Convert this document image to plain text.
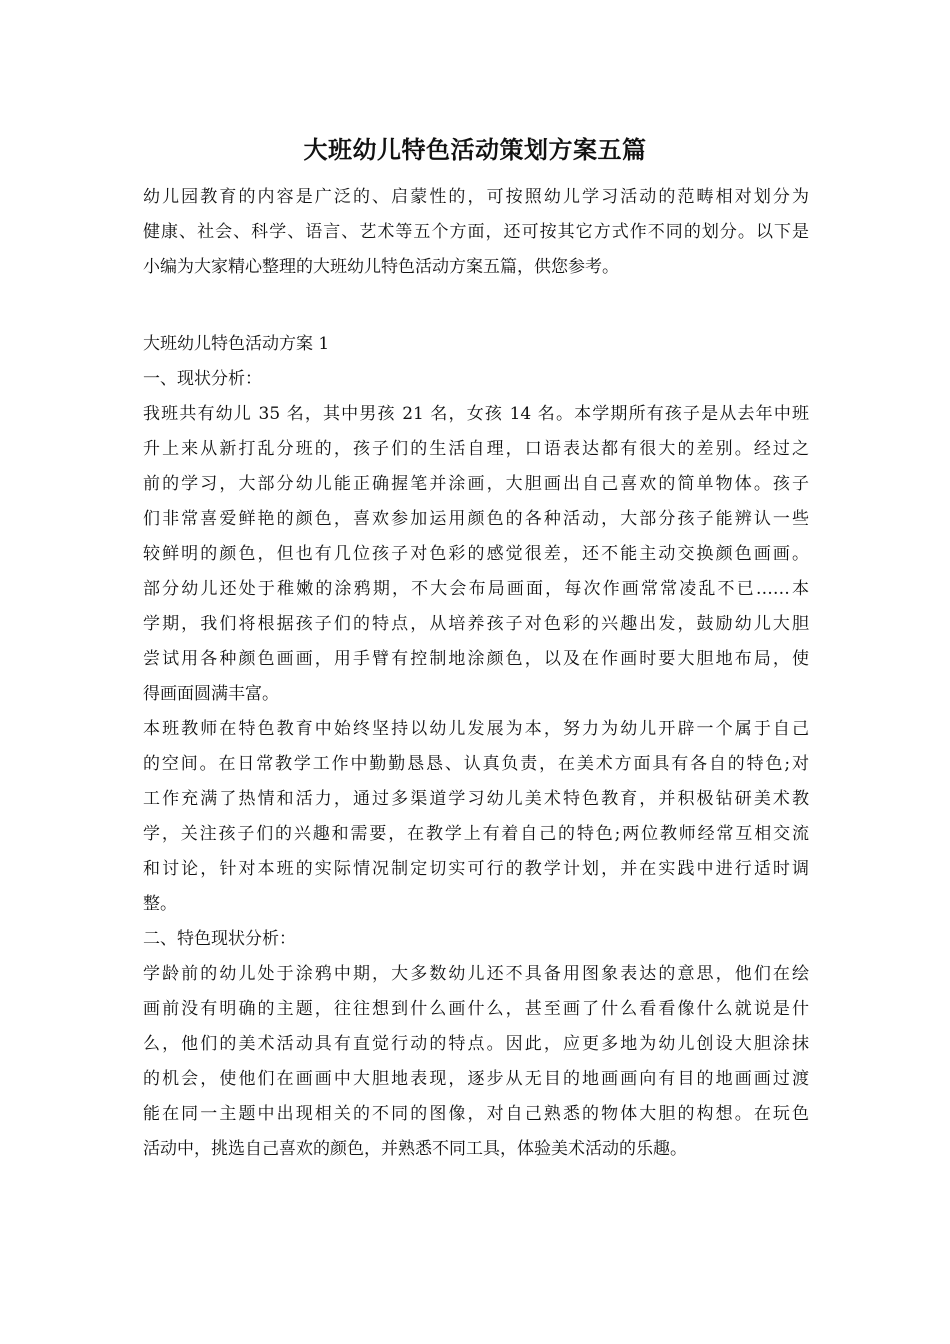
大班幼儿特色活动策划方案五篇
幼儿园教育的内容是广泛的、启蒙性的，可按照幼儿学习活动的范畴相对划分为
健康、社会、科学、语言、艺术等五个方面，还可按其它方式作不同的划分。以下是
小编为大家精心整理的大班幼儿特色活动方案五篇，供您参考。
大班幼儿特色活动方案 1
一、现状分析：
我班共有幼儿 35 名，其中男孩 21 名，女孩 14 名。本学期所有孩子是从去年中班
升上来从新打乱分班的，孩子们的生活自理，口语表达都有很大的差别。经过之
前的学习，大部分幼儿能正确握笔并涂画，大胆画出自己喜欢的简单物体。孩子
们非常喜爱鲜艳的颜色，喜欢参加运用颜色的各种活动，大部分孩子能辨认一些
较鲜明的颜色，但也有几位孩子对色彩的感觉很差，还不能主动交换颜色画画。
部分幼儿还处于稚嫩的涂鸦期，不大会布局画面，每次作画常常凌乱不已……本
学期，我们将根据孩子们的特点，从培养孩子对色彩的兴趣出发，鼓励幼儿大胆
尝试用各种颜色画画，用手臂有控制地涂颜色，以及在作画时要大胆地布局，使
得画面圆满丰富。
本班教师在特色教育中始终坚持以幼儿发展为本，努力为幼儿开辟一个属于自己
的空间。在日常教学工作中勤勤恳恳、认真负责，在美术方面具有各自的特色;对
工作充满了热情和活力，通过多渠道学习幼儿美术特色教育，并积极钻研美术教
学，关注孩子们的兴趣和需要，在教学上有着自己的特色;两位教师经常互相交流
和讨论，针对本班的实际情况制定切实可行的教学计划，并在实践中进行适时调
整。
二、特色现状分析：
学龄前的幼儿处于涂鸦中期，大多数幼儿还不具备用图象表达的意思，他们在绘
画前没有明确的主题，往往想到什么画什么，甚至画了什么看看像什么就说是什
么，他们的美术活动具有直觉行动的特点。因此，应更多地为幼儿创设大胆涂抹
的机会，使他们在画画中大胆地表现，逐步从无目的地画画向有目的地画画过渡
能在同一主题中出现相关的不同的图像，对自己熟悉的物体大胆的构想。在玩色
活动中，挑选自己喜欢的颜色，并熟悉不同工具，体验美术活动的乐趣。
